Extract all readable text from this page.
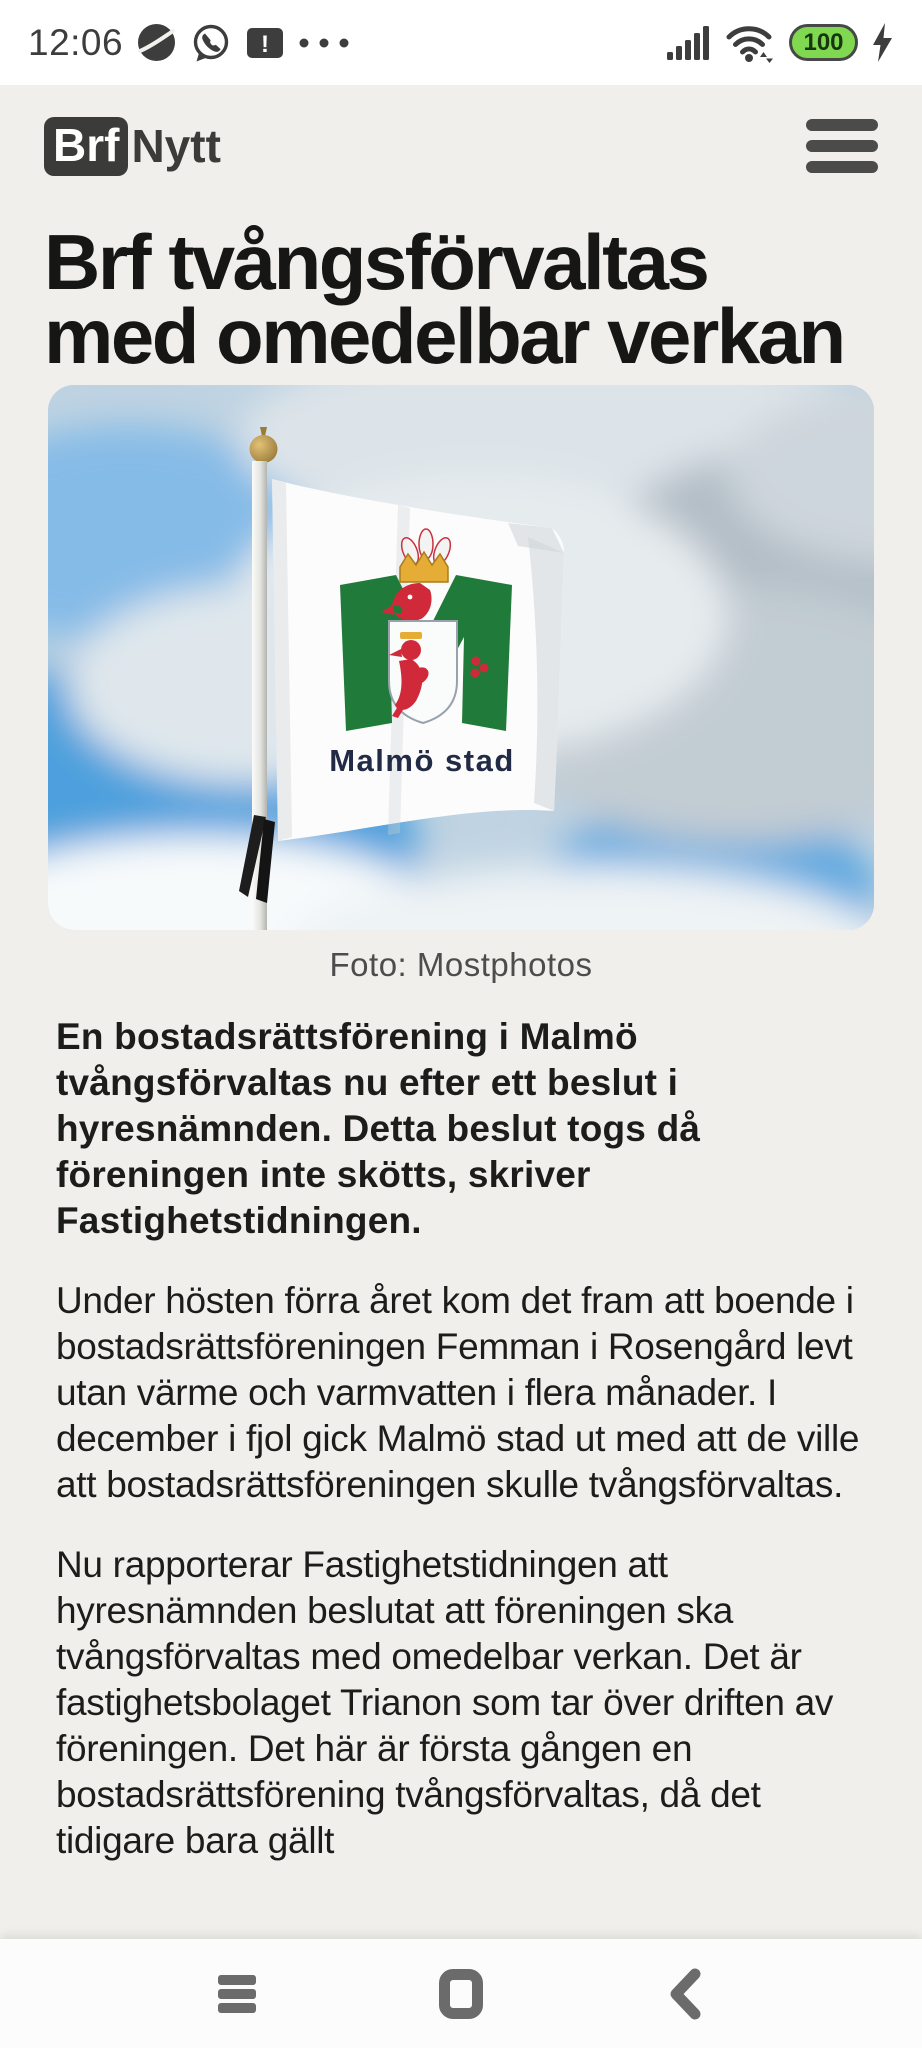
12:06	!	100
Brf Nytt
Brf tvångsförvaltas med omedelbar verkan
Malmö stad
Foto: Mostphotos

En bostadsrättsförening i Malmö tvångsförvaltas nu efter ett beslut i hyresnämnden. Detta beslut togs då föreningen inte skötts, skriver Fastighetstidningen.

Under hösten förra året kom det fram att boende i bostadsrättsföreningen Femman i Rosengård levt utan värme och varmvatten i flera månader. I december i fjol gick Malmö stad ut med att de ville att bostadsrättsföreningen skulle tvångsförvaltas.

Nu rapporterar Fastighetstidningen att hyresnämnden beslutat att föreningen ska tvångsförvaltas med omedelbar verkan. Det är fastighetsbolaget Trianon som tar över driften av föreningen. Det här är första gången en bostadsrättsförening tvångsförvaltas, då det tidigare bara gällt
